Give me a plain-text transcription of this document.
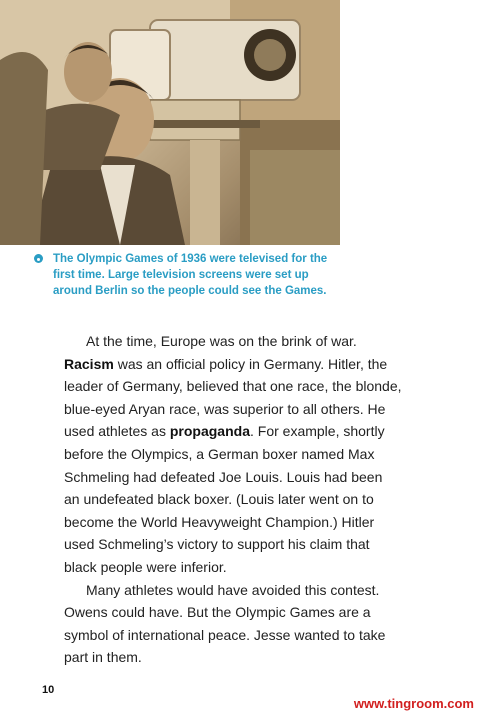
The Olympic Games of 1936 were televised for the
first time. Large television screens were set up
around Berlin so the people could see the Games.
At the time, Europe was on the brink of war.
Racism was an official policy in Germany. Hitler, the
leader of Germany, believed that one race, the blonde,
blue-eyed Aryan race, was superior to all others. He
used athletes as propaganda. For example, shortly
before the Olympics, a German boxer named Max
Schmeling had defeated Joe Louis. Louis had been
an undefeated black boxer. (Louis later went on to
become the World Heavyweight Champion.) Hitler
used Schmeling’s victory to support his claim that
black people were inferior.
Many athletes would have avoided this contest.
Owens could have. But the Olympic Games are a
symbol of international peace. Jesse wanted to take
part in them.
10
www.tingroom.com
